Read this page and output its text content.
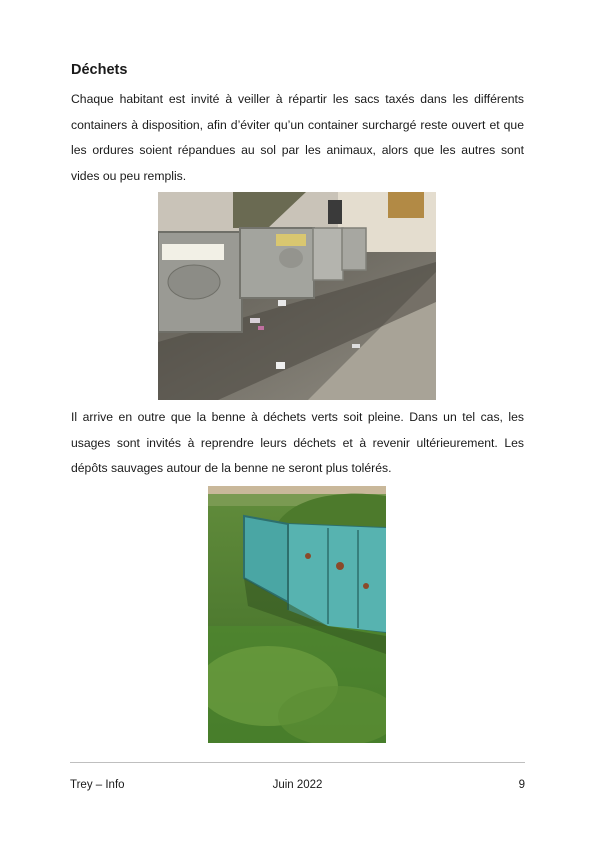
Déchets

Chaque habitant est invité à veiller à répartir les sacs taxés dans les différents containers à disposition, afin d’éviter qu’un container surchargé reste ouvert et que les ordures soient répandues au sol par les animaux, alors que les autres sont vides ou peu remplis.

Il arrive en outre que la benne à déchets verts soit pleine. Dans un tel cas, les usages sont invités à reprendre leurs déchets et à revenir ultérieurement. Les dépôts sauvages autour de la benne ne seront plus tolérés.

Trey – Info	Juin 2022	9
